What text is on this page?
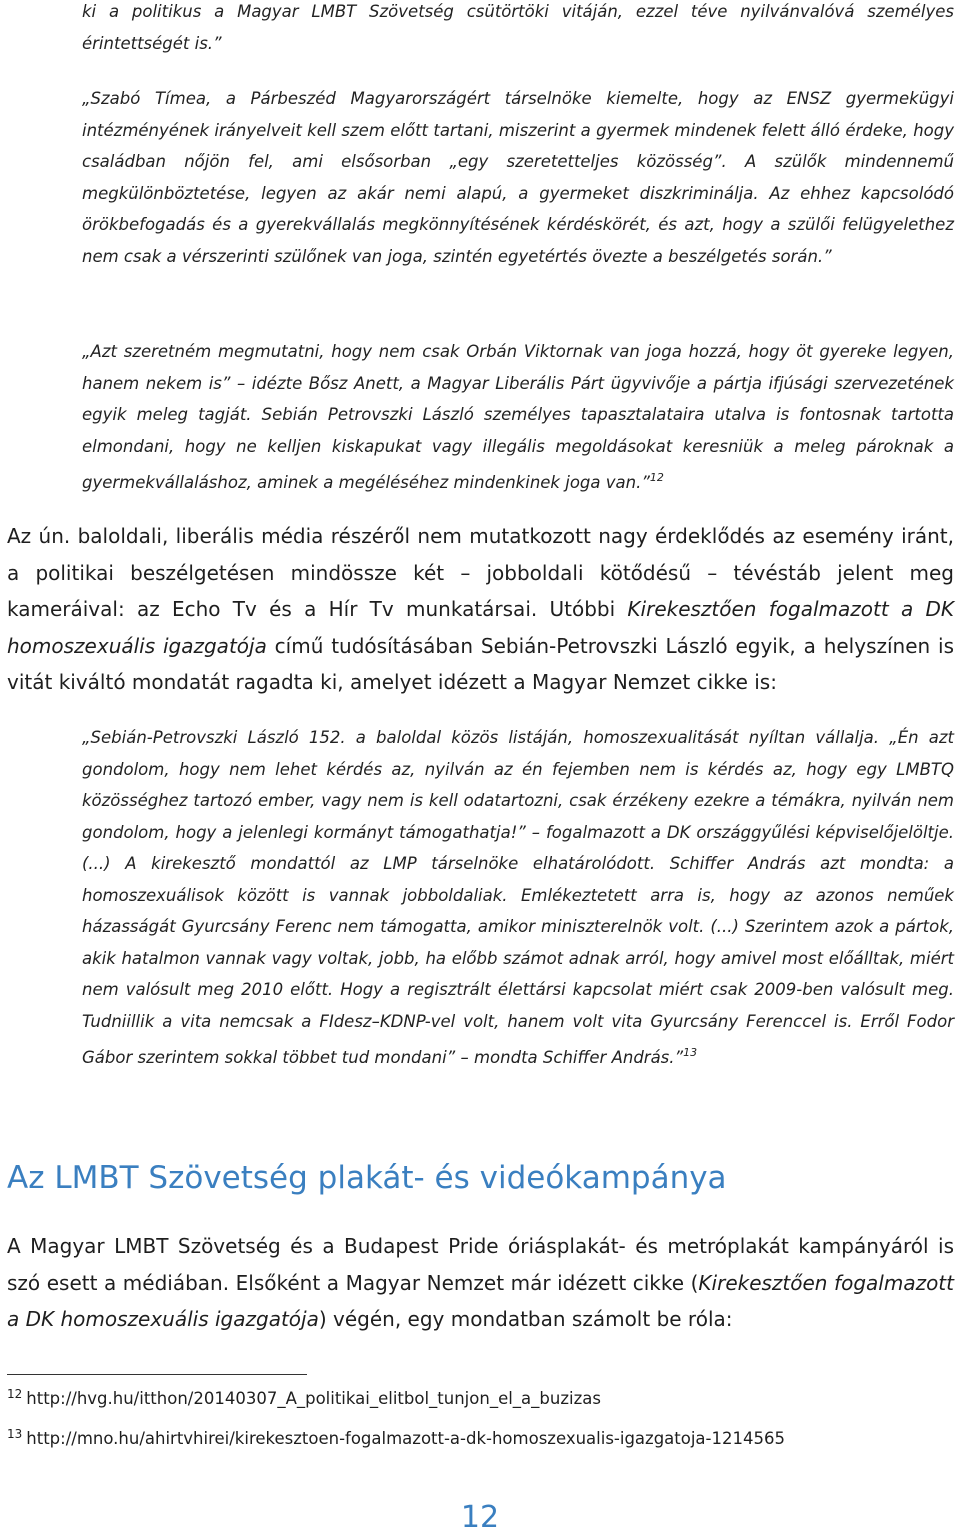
ki a politikus a Magyar LMBT Szövetség csütörtöki vitáján, ezzel téve nyilvánvalóvá személyes érintettségét is.”

„Szabó Tímea, a Párbeszéd Magyarországért társelnöke kiemelte, hogy az ENSZ gyermekügyi intézményének irányelveit kell szem előtt tartani, miszerint a gyermek mindenek felett álló érdeke, hogy családban nőjön fel, ami elsősorban „egy szeretetteljes közösség”. A szülők mindennemű megkülönböztetése, legyen az akár nemi alapú, a gyermeket diszkriminálja. Az ehhez kapcsolódó örökbefogadás és a gyerekvállalás megkönnyítésének kérdéskörét, és azt, hogy a szülői felügyelethez nem csak a vérszerinti szülőnek van joga, szintén egyetértés övezte a beszélgetés során.”

„Azt szeretném megmutatni, hogy nem csak Orbán Viktornak van joga hozzá, hogy öt gyereke legyen, hanem nekem is” – idézte Bősz Anett, a Magyar Liberális Párt ügyvivője a pártja ifjúsági szervezetének egyik meleg tagját. Sebián Petrovszki László személyes tapasztalataira utalva is fontosnak tartotta elmondani, hogy ne kelljen kiskapukat vagy illegális megoldásokat keresniük a meleg pároknak a gyermekvállaláshoz, aminek a megéléséhez mindenkinek joga van.”$^{12}$

Az ún. baloldali, liberális média részéről nem mutatkozott nagy érdeklődés az esemény iránt, a politikai beszélgetésen mindössze két – jobboldali kötődésű – tévéstáb jelent meg kameráival: az Echo Tv és a Hír Tv munkatársai. Utóbbi Kirekesztően fogalmazott a DK homoszexuális igazgatója című tudósításában Sebián-Petrovszki László egyik, a helyszínen is vitát kiváltó mondatát ragadta ki, amelyet idézett a Magyar Nemzet cikke is:

„Sebián-Petrovszki László 152. a baloldal közös listáján, homoszexualitását nyíltan vállalja. „Én azt gondolom, hogy nem lehet kérdés az, nyilván az én fejemben nem is kérdés az, hogy egy LMBTQ közösséghez tartozó ember, vagy nem is kell odatartozni, csak érzékeny ezekre a témákra, nyilván nem gondolom, hogy a jelenlegi kormányt támogathatja!” – fogalmazott a DK országgyűlési képviselőjelöltje. (...) A kirekesztő mondattól az LMP társelnöke elhatárolódott. Schiffer András azt mondta: a homoszexuálisok között is vannak jobboldaliak. Emlékeztetett arra is, hogy az azonos neműek házasságát Gyurcsány Ferenc nem támogatta, amikor miniszterelnök volt. (...) Szerintem azok a pártok, akik hatalmon vannak vagy voltak, jobb, ha előbb számot adnak arról, hogy amivel most előálltak, miért nem valósult meg 2010 előtt. Hogy a regisztrált élettársi kapcsolat miért csak 2009-ben valósult meg. Tudniillik a vita nemcsak a FIdesz–KDNP-vel volt, hanem volt vita Gyurcsány Ferenccel is. Erről Fodor Gábor szerintem sokkal többet tud mondani” – mondta Schiffer András.”$^{13}$

Az LMBT Szövetség plakát- és videókampánya

A Magyar LMBT Szövetség és a Budapest Pride óriásplakát- és metróplakát kampányáról is szó esett a médiában. Elsőként a Magyar Nemzet már idézett cikke (Kirekesztően fogalmazott a DK homoszexuális igazgatója) végén, egy mondatban számolt be róla:

$^{12}$ http://hvg.hu/itthon/20140307_A_politikai_elitbol_tunjon_el_a_buzizas
$^{13}$ http://mno.hu/ahirtvhirei/kirekesztoen-fogalmazott-a-dk-homoszexualis-igazgatoja-1214565
12
